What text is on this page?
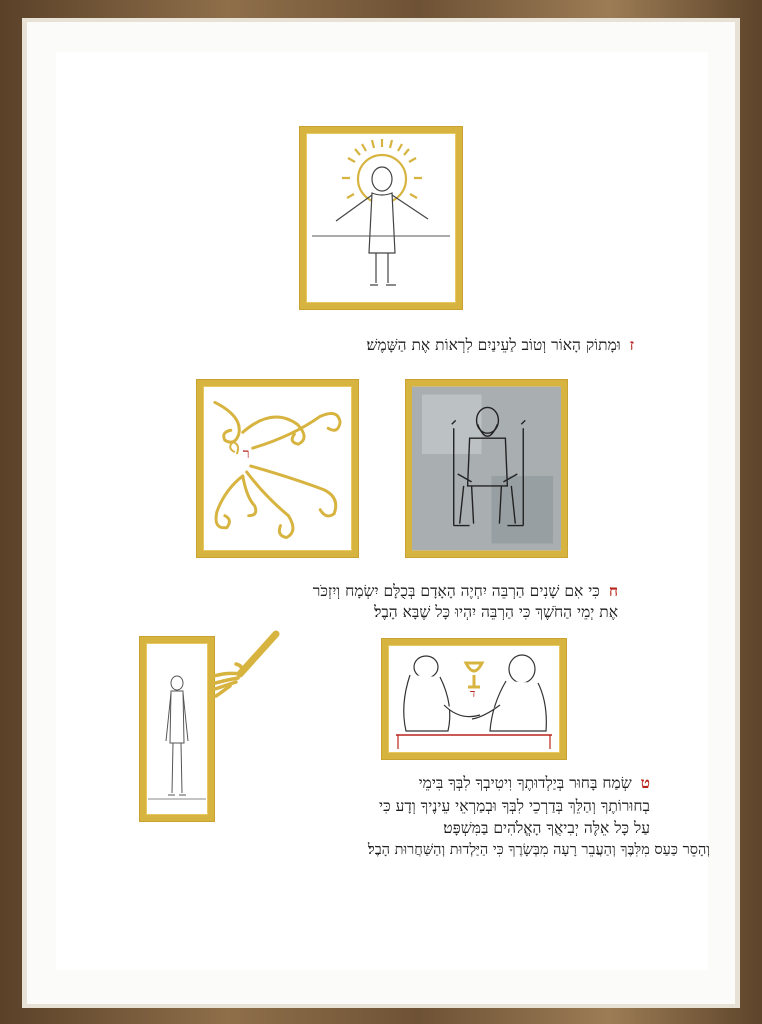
ז וּמָתוֹק הָאוֹר וְטוֹב לַעֵינַיִם לִרְאוֹת אֶת הַשָּׁמֶשׁ׃
ר
ח כִּי אִם שָׁנִים הַרְבֵּה יִחְיֶה הָאָדָם בְּכֻלָּם יִשְׂמָח וְיִזְכֹּר
אֶת יְמֵי הַחֹשֶׁךְ כִּי הַרְבֵּה יִהְיוּ כָּל שֶׁבָּא הָבֶל׃
ד
ט שְׂמַח בָּחוּר בְּיַלְדוּתֶךָ וִיטִיבְךָ לִבְּךָ בִּימֵי
בְחוּרוֹתֶךָ וְהַלֵּךְ בְּדַרְכֵי לִבְּךָ וּבְמַרְאֵי עֵינֶיךָ וְדָע כִּי
עַל כָּל אֵלֶּה יְבִיאֲךָ הָאֱלֹהִים בַּמִּשְׁפָּט׃
וְהָסֵר כַּעַס מִלִּבֶּךָ וְהַעֲבֵר רָעָה מִבְּשָׂרֶךָ כִּי הַיַּלְדוּת וְהַשַּׁחֲרוּת הָבֶל׃
